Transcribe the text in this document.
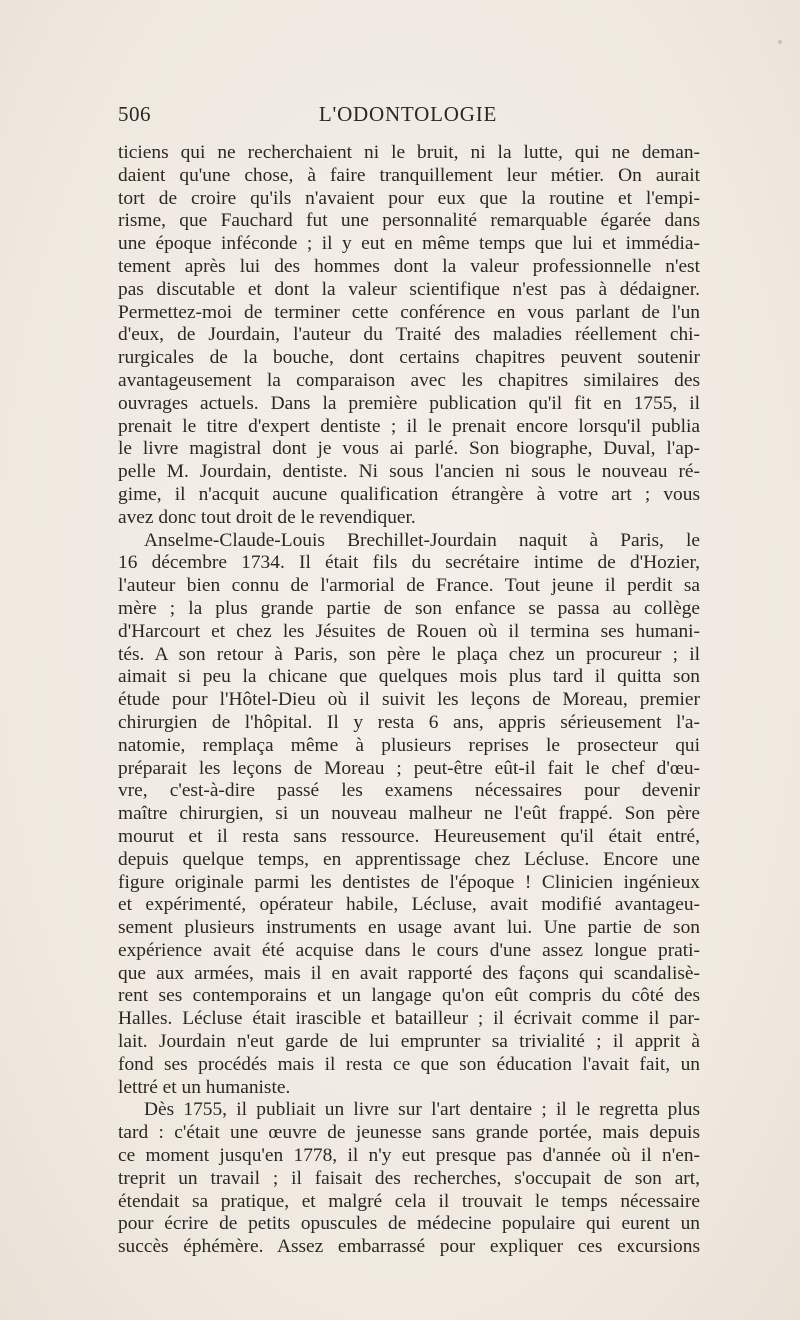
506	L'ODONTOLOGIE
ticiens qui ne recherchaient ni le bruit, ni la lutte, qui ne deman-
daient qu'une chose, à faire tranquillement leur métier. On aurait
tort de croire qu'ils n'avaient pour eux que la routine et l'empi-
risme, que Fauchard fut une personnalité remarquable égarée dans
une époque inféconde ; il y eut en même temps que lui et immédia-
tement après lui des hommes dont la valeur professionnelle n'est
pas discutable et dont la valeur scientifique n'est pas à dédaigner.
Permettez-moi de terminer cette conférence en vous parlant de l'un
d'eux, de Jourdain, l'auteur du Traité des maladies réellement chi-
rurgicales de la bouche, dont certains chapitres peuvent soutenir
avantageusement la comparaison avec les chapitres similaires des
ouvrages actuels. Dans la première publication qu'il fit en 1755, il
prenait le titre d'expert dentiste ; il le prenait encore lorsqu'il publia
le livre magistral dont je vous ai parlé. Son biographe, Duval, l'ap-
pelle M. Jourdain, dentiste. Ni sous l'ancien ni sous le nouveau ré-
gime, il n'acquit aucune qualification étrangère à votre art ; vous
avez donc tout droit de le revendiquer.
Anselme-Claude-Louis Brechillet-Jourdain naquit à Paris, le
16 décembre 1734. Il était fils du secrétaire intime de d'Hozier,
l'auteur bien connu de l'armorial de France. Tout jeune il perdit sa
mère ; la plus grande partie de son enfance se passa au collège
d'Harcourt et chez les Jésuites de Rouen où il termina ses humani-
tés. A son retour à Paris, son père le plaça chez un procureur ; il
aimait si peu la chicane que quelques mois plus tard il quitta son
étude pour l'Hôtel-Dieu où il suivit les leçons de Moreau, premier
chirurgien de l'hôpital. Il y resta 6 ans, appris sérieusement l'a-
natomie, remplaça même à plusieurs reprises le prosecteur qui
préparait les leçons de Moreau ; peut-être eût-il fait le chef d'œu-
vre, c'est-à-dire passé les examens nécessaires pour devenir
maître chirurgien, si un nouveau malheur ne l'eût frappé. Son père
mourut et il resta sans ressource. Heureusement qu'il était entré,
depuis quelque temps, en apprentissage chez Lécluse. Encore une
figure originale parmi les dentistes de l'époque ! Clinicien ingénieux
et expérimenté, opérateur habile, Lécluse, avait modifié avantageu-
sement plusieurs instruments en usage avant lui. Une partie de son
expérience avait été acquise dans le cours d'une assez longue prati-
que aux armées, mais il en avait rapporté des façons qui scandalisè-
rent ses contemporains et un langage qu'on eût compris du côté des
Halles. Lécluse était irascible et batailleur ; il écrivait comme il par-
lait. Jourdain n'eut garde de lui emprunter sa trivialité ; il apprit à
fond ses procédés mais il resta ce que son éducation l'avait fait, un
lettré et un humaniste.
Dès 1755, il publiait un livre sur l'art dentaire ; il le regretta plus
tard : c'était une œuvre de jeunesse sans grande portée, mais depuis
ce moment jusqu'en 1778, il n'y eut presque pas d'année où il n'en-
treprit un travail ; il faisait des recherches, s'occupait de son art,
étendait sa pratique, et malgré cela il trouvait le temps nécessaire
pour écrire de petits opuscules de médecine populaire qui eurent un
succès éphémère. Assez embarrassé pour expliquer ces excursions
